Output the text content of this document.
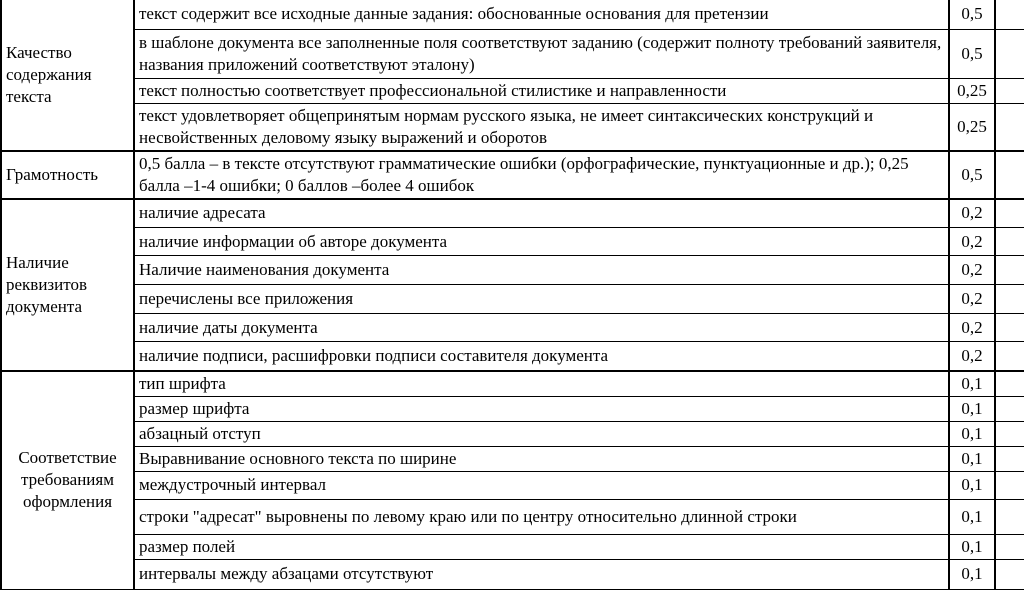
Качество содержания текста	текст содержит все исходные данные задания: обоснованные основания для претензии	0,5	
	в шаблоне документа все заполненные поля соответствуют заданию (содержит полноту требований заявителя, названия приложений соответствуют эталону)	0,5	
	текст полностью соответствует профессиональной стилистике и направленности	0,25	
	текст удовлетворяет общепринятым нормам русского языка, не имеет синтаксических конструкций и несвойственных деловому языку выражений и оборотов	0,25	
Грамотность	0,5 балла – в тексте отсутствуют грамматические ошибки (орфографические, пунктуационные и др.); 0,25 балла –1-4 ошибки; 0 баллов –более 4 ошибок	0,5	
Наличие реквизитов документа	наличие адресата	0,2	
	наличие информации об авторе документа	0,2	
	Наличие наименования документа	0,2	
	перечислены все приложения	0,2	
	наличие даты документа	0,2	
	наличие подписи, расшифровки подписи составителя документа	0,2	
Соответствие требованиям оформления	тип шрифта	0,1	
	размер шрифта	0,1	
	абзацный отступ	0,1	
	Выравнивание основного текста по ширине	0,1	
	междустрочный интервал	0,1	
	строки "адресат" выровнены по левому краю или по центру относительно длинной строки	0,1	
	размер полей	0,1	
	интервалы между абзацами отсутствуют	0,1	
